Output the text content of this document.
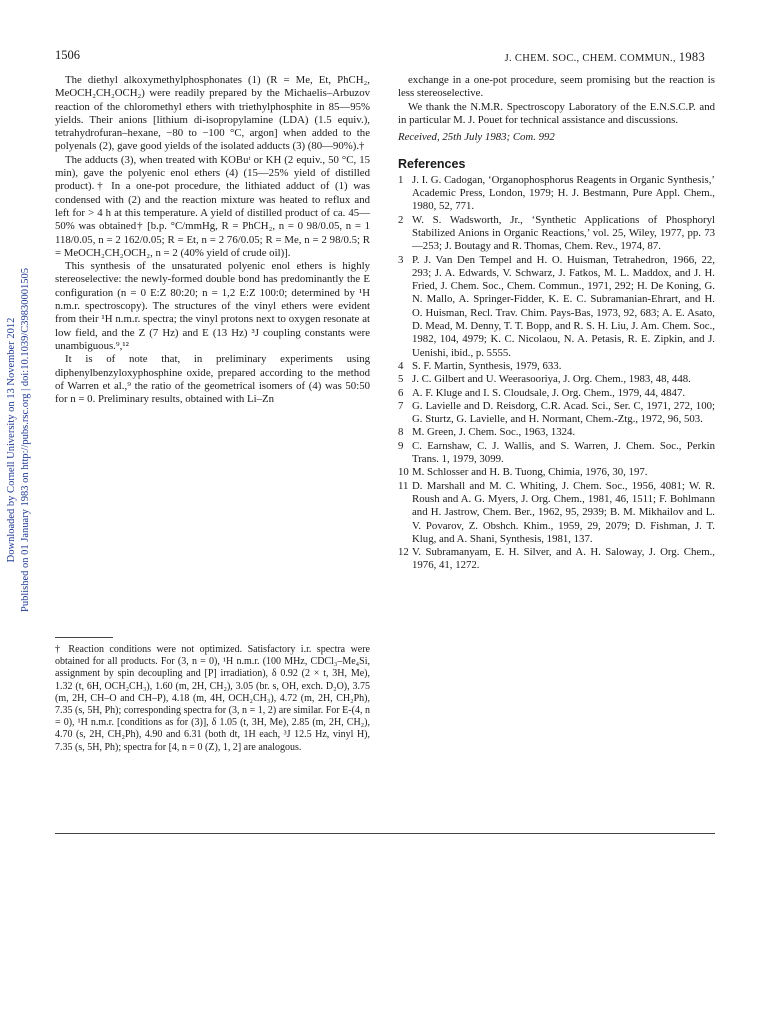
Downloaded by Cornell University on 13 November 2012 Published on 01 January 1983 on http://pubs.rsc.org | doi:10.1039/C39830001505
1506	J. CHEM. SOC., CHEM. COMMUN., 1983

The diethyl alkoxymethylphosphonates (1) (R = Me, Et, PhCH₂, MeOCH₂CH₂OCH₂) were readily prepared by the Michaelis–Arbuzov reaction of the chloromethyl ethers with triethylphosphite in 85—95% yields. Their anions [lithium di-isopropylamine (LDA) (1.5 equiv.), tetrahydrofuran–hexane, −80 to −100 °C, argon] when added to the polyenals (2), gave good yields of the isolated adducts (3) (80—90%).†

The adducts (3), when treated with KOBuᵗ or KH (2 equiv., 50 °C, 15 min), gave the polyenic enol ethers (4) (15—25% yield of distilled product).† In a one-pot procedure, the lithiated adduct of (1) was condensed with (2) and the reaction mixture was heated to reflux and left for > 4 h at this temperature. A yield of distilled product of ca. 45—50% was obtained† [b.p. °C/mmHg, R = PhCH₂, n = 0 98/0.05, n = 1 118/0.05, n = 2 162/0.05; R = Et, n = 2 76/0.05; R = Me, n = 2 98/0.5; R = MeOCH₂CH₂OCH₂, n = 2 (40% yield of crude oil)].

This synthesis of the unsaturated polyenic enol ethers is highly stereoselective: the newly-formed double bond has predominantly the E configuration (n = 0 E:Z 80:20; n = 1,2 E:Z 100:0; determined by ¹H n.m.r. spectroscopy). The structures of the vinyl ethers were evident from their ¹H n.m.r. spectra; the vinyl protons next to oxygen resonate at low field, and the Z (7 Hz) and E (13 Hz) ³J coupling constants were unambiguous.⁹,¹²

It is of note that, in preliminary experiments using diphenylbenzyloxyphosphine oxide, prepared according to the method of Warren et al.,⁹ the ratio of the geometrical isomers of (4) was 50:50 for n = 0. Preliminary results, obtained with Li–Zn

† Reaction conditions were not optimized. Satisfactory i.r. spectra were obtained for all products. For (3, n = 0), ¹H n.m.r. (100 MHz, CDCl₃–Me₄Si, assignment by spin decoupling and [P] irradiation), δ 0.92 (2 × t, 3H, Me), 1.32 (t, 6H, OCH₂CH₃), 1.60 (m, 2H, CH₂), 3.05 (br. s, OH, exch. D₂O), 3.75 (m, 2H, CH–O and CH–P), 4.18 (m, 4H, OCH₂CH₃), 4.72 (m, 2H, CH₂Ph), 7.35 (s, 5H, Ph); corresponding spectra for (3, n = 1, 2) are similar. For E-(4, n = 0), ¹H n.m.r. [conditions as for (3)], δ 1.05 (t, 3H, Me), 2.85 (m, 2H, CH₂), 4.70 (s, 2H, CH₂Ph), 4.90 and 6.31 (both dt, 1H each, ³J 12.5 Hz, vinyl H), 7.35 (s, 5H, Ph); spectra for [4, n = 0 (Z), 1, 2] are analogous.

exchange in a one-pot procedure, seem promising but the reaction is less stereoselective.

We thank the N.M.R. Spectroscopy Laboratory of the E.N.S.C.P. and in particular M. J. Pouet for technical assistance and discussions.

Received, 25th July 1983; Com. 992

References
1 J. I. G. Cadogan, ‘Organophosphorus Reagents in Organic Synthesis,’ Academic Press, London, 1979; H. J. Bestmann, Pure Appl. Chem., 1980, 52, 771.
2 W. S. Wadsworth, Jr., ‘Synthetic Applications of Phosphoryl Stabilized Anions in Organic Reactions,’ vol. 25, Wiley, 1977, pp. 73—253; J. Boutagy and R. Thomas, Chem. Rev., 1974, 87.
3 P. J. Van Den Tempel and H. O. Huisman, Tetrahedron, 1966, 22, 293; J. A. Edwards, V. Schwarz, J. Fatkos, M. L. Maddox, and J. H. Fried, J. Chem. Soc., Chem. Commun., 1971, 292; H. De Koning, G. N. Mallo, A. Springer-Fidder, K. E. C. Subramanian-Ehrart, and H. O. Huisman, Recl. Trav. Chim. Pays-Bas, 1973, 92, 683; A. E. Asato, D. Mead, M. Denny, T. T. Bopp, and R. S. H. Liu, J. Am. Chem. Soc., 1982, 104, 4979; K. C. Nicolaou, N. A. Petasis, R. E. Zipkin, and J. Uenishi, ibid., p. 5555.
4 S. F. Martin, Synthesis, 1979, 633.
5 J. C. Gilbert and U. Weerasooriya, J. Org. Chem., 1983, 48, 448.
6 A. F. Kluge and I. S. Cloudsale, J. Org. Chem., 1979, 44, 4847.
7 G. Lavielle and D. Reisdorg, C.R. Acad. Sci., Ser. C, 1971, 272, 100; G. Sturtz, G. Lavielle, and H. Normant, Chem.-Ztg., 1972, 96, 503.
8 M. Green, J. Chem. Soc., 1963, 1324.
9 C. Earnshaw, C. J. Wallis, and S. Warren, J. Chem. Soc., Perkin Trans. 1, 1979, 3099.
10 M. Schlosser and H. B. Tuong, Chimia, 1976, 30, 197.
11 D. Marshall and M. C. Whiting, J. Chem. Soc., 1956, 4081; W. R. Roush and A. G. Myers, J. Org. Chem., 1981, 46, 1511; F. Bohlmann and H. Jastrow, Chem. Ber., 1962, 95, 2939; B. M. Mikhailov and L. V. Povarov, Z. Obshch. Khim., 1959, 29, 2079; D. Fishman, J. T. Klug, and A. Shani, Synthesis, 1981, 137.
12 V. Subramanyam, E. H. Silver, and A. H. Saloway, J. Org. Chem., 1976, 41, 1272.
